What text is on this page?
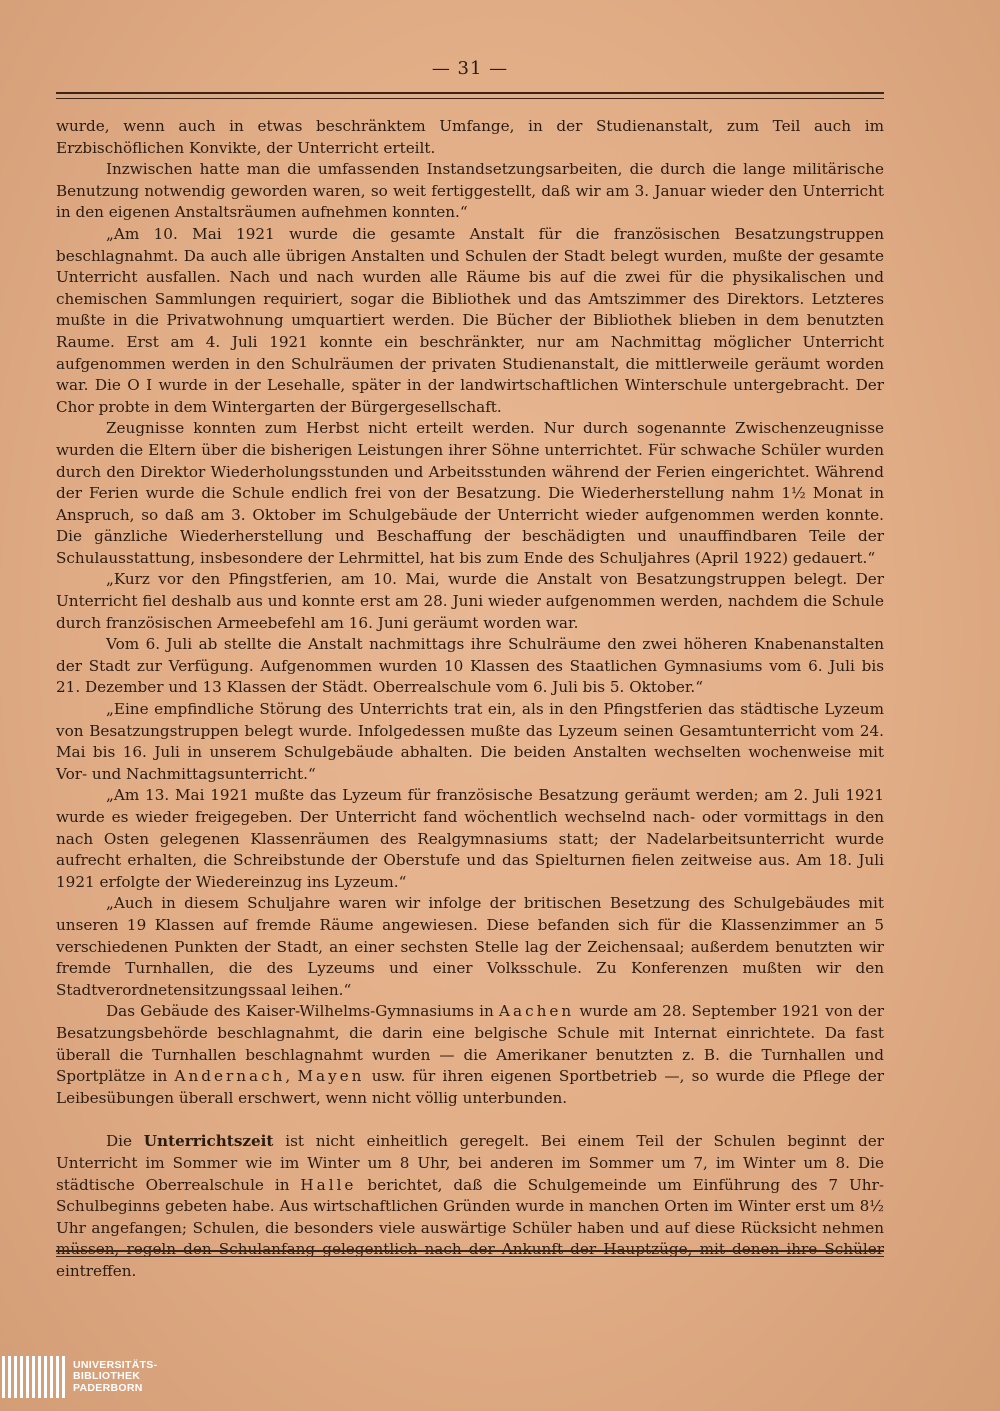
— 31 —

wurde, wenn auch in etwas beschränktem Umfange, in der Studienanstalt, zum Teil auch im Erzbischöflichen Konvikte, der Unterricht erteilt.

Inzwischen hatte man die umfassenden Instandsetzungsarbeiten, die durch die lange militärische Benutzung notwendig geworden waren, so weit fertiggestellt, daß wir am 3. Januar wieder den Unterricht in den eigenen Anstaltsräumen aufnehmen konnten.“

„Am 10. Mai 1921 wurde die gesamte Anstalt für die französischen Besatzungstruppen beschlagnahmt. Da auch alle übrigen Anstalten und Schulen der Stadt belegt wurden, mußte der gesamte Unterricht ausfallen. Nach und nach wurden alle Räume bis auf die zwei für die physikalischen und chemischen Sammlungen requiriert, sogar die Bibliothek und das Amtszimmer des Direktors. Letzteres mußte in die Privatwohnung umquartiert werden. Die Bücher der Bibliothek blieben in dem benutzten Raume. Erst am 4. Juli 1921 konnte ein beschränkter, nur am Nachmittag möglicher Unterricht aufgenommen werden in den Schulräumen der privaten Studienanstalt, die mittlerweile geräumt worden war. Die O I wurde in der Lesehalle, später in der landwirtschaftlichen Winterschule untergebracht. Der Chor probte in dem Wintergarten der Bürgergesellschaft.

Zeugnisse konnten zum Herbst nicht erteilt werden. Nur durch sogenannte Zwischenzeugnisse wurden die Eltern über die bisherigen Leistungen ihrer Söhne unterrichtet. Für schwache Schüler wurden durch den Direktor Wiederholungsstunden und Arbeitsstunden während der Ferien eingerichtet. Während der Ferien wurde die Schule endlich frei von der Besatzung. Die Wiederherstellung nahm 1½ Monat in Anspruch, so daß am 3. Oktober im Schulgebäude der Unterricht wieder aufgenommen werden konnte. Die gänzliche Wiederherstellung und Beschaffung der beschädigten und unauffindbaren Teile der Schulausstattung, insbesondere der Lehrmittel, hat bis zum Ende des Schuljahres (April 1922) gedauert.“

„Kurz vor den Pfingstferien, am 10. Mai, wurde die Anstalt von Besatzungstruppen belegt. Der Unterricht fiel deshalb aus und konnte erst am 28. Juni wieder aufgenommen werden, nachdem die Schule durch französischen Armeebefehl am 16. Juni geräumt worden war.

Vom 6. Juli ab stellte die Anstalt nachmittags ihre Schulräume den zwei höheren Knabenanstalten der Stadt zur Verfügung. Aufgenommen wurden 10 Klassen des Staatlichen Gymnasiums vom 6. Juli bis 21. Dezember und 13 Klassen der Städt. Oberrealschule vom 6. Juli bis 5. Oktober.“

„Eine empfindliche Störung des Unterrichts trat ein, als in den Pfingstferien das städtische Lyzeum von Besatzungstruppen belegt wurde. Infolgedessen mußte das Lyzeum seinen Gesamtunterricht vom 24. Mai bis 16. Juli in unserem Schulgebäude abhalten. Die beiden Anstalten wechselten wochenweise mit Vor- und Nachmittagsunterricht.“

„Am 13. Mai 1921 mußte das Lyzeum für französische Besatzung geräumt werden; am 2. Juli 1921 wurde es wieder freigegeben. Der Unterricht fand wöchentlich wechselnd nach- oder vormittags in den nach Osten gelegenen Klassenräumen des Realgymnasiums statt; der Nadelarbeitsunterricht wurde aufrecht erhalten, die Schreibstunde der Oberstufe und das Spielturnen fielen zeitweise aus. Am 18. Juli 1921 erfolgte der Wiedereinzug ins Lyzeum.“

„Auch in diesem Schuljahre waren wir infolge der britischen Besetzung des Schulgebäudes mit unseren 19 Klassen auf fremde Räume angewiesen. Diese befanden sich für die Klassenzimmer an 5 verschiedenen Punkten der Stadt, an einer sechsten Stelle lag der Zeichensaal; außerdem benutzten wir fremde Turnhallen, die des Lyzeums und einer Volksschule. Zu Konferenzen mußten wir den Stadtverordnetensitzungssaal leihen.“

Das Gebäude des Kaiser-Wilhelms-Gymnasiums in Aachen wurde am 28. September 1921 von der Besatzungsbehörde beschlagnahmt, die darin eine belgische Schule mit Internat einrichtete. Da fast überall die Turnhallen beschlagnahmt wurden — die Amerikaner benutzten z. B. die Turnhallen und Sportplätze in Andernach, Mayen usw. für ihren eigenen Sportbetrieb —, so wurde die Pflege der Leibesübungen überall erschwert, wenn nicht völlig unterbunden.

Die Unterrichtszeit ist nicht einheitlich geregelt. Bei einem Teil der Schulen beginnt der Unterricht im Sommer wie im Winter um 8 Uhr, bei anderen im Sommer um 7, im Winter um 8. Die städtische Oberrealschule in Halle berichtet, daß die Schulgemeinde um Einführung des 7 Uhr-Schulbeginns gebeten habe. Aus wirtschaftlichen Gründen wurde in manchen Orten im Winter erst um 8½ Uhr angefangen; Schulen, die besonders viele auswärtige Schüler haben und auf diese Rücksicht nehmen müssen, regeln den Schulanfang gelegentlich nach der Ankunft der Hauptzüge, mit denen ihre Schüler eintreffen.

UNIVERSITÄTS-
BIBLIOTHEK
PADERBORN
